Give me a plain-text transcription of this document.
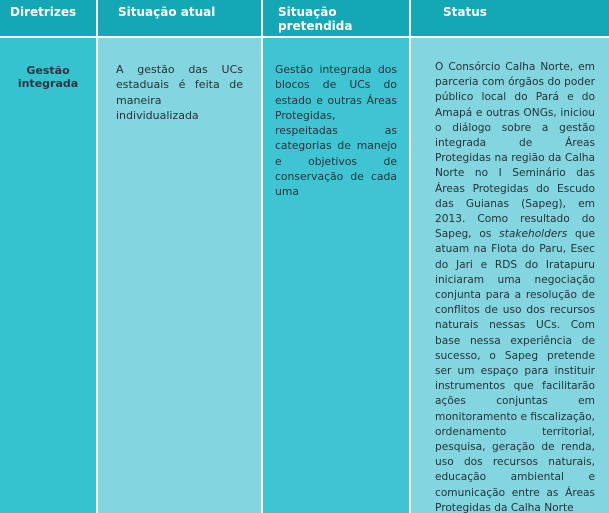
Diretrizes	Situação atual	Situação pretendida
Status
Gestão integrada
A gestão das UCs estaduais é feita de maneira individualizada
Gestão integrada dos blocos de UCs do estado e outras Áreas Protegidas, respeitadas as categorias de manejo e objetivos de conservação de cada uma
O Consórcio Calha Norte, em parceria com órgãos do poder público local do Pará e do Amapá e outras ONGs, iniciou o diálogo sobre a gestão integrada de Áreas Protegidas na região da Calha Norte no I Seminário das Áreas Protegidas do Escudo das Guianas (Sapeg), em 2013. Como resultado do Sapeg, os stakeholders que atuam na Flota do Paru, Esec do Jari e RDS do Iratapuru iniciaram uma negociação conjunta para a resolução de conflitos de uso dos recursos naturais nessas UCs. Com base nessa experiência de sucesso, o Sapeg pretende ser um espaço para instituir instrumentos que facilitarão ações conjuntas em monitoramento e fiscalização, ordenamento territorial, pesquisa, geração de renda, uso dos recursos naturais, educação ambiental e comunicação entre as Áreas Protegidas da Calha Norte
